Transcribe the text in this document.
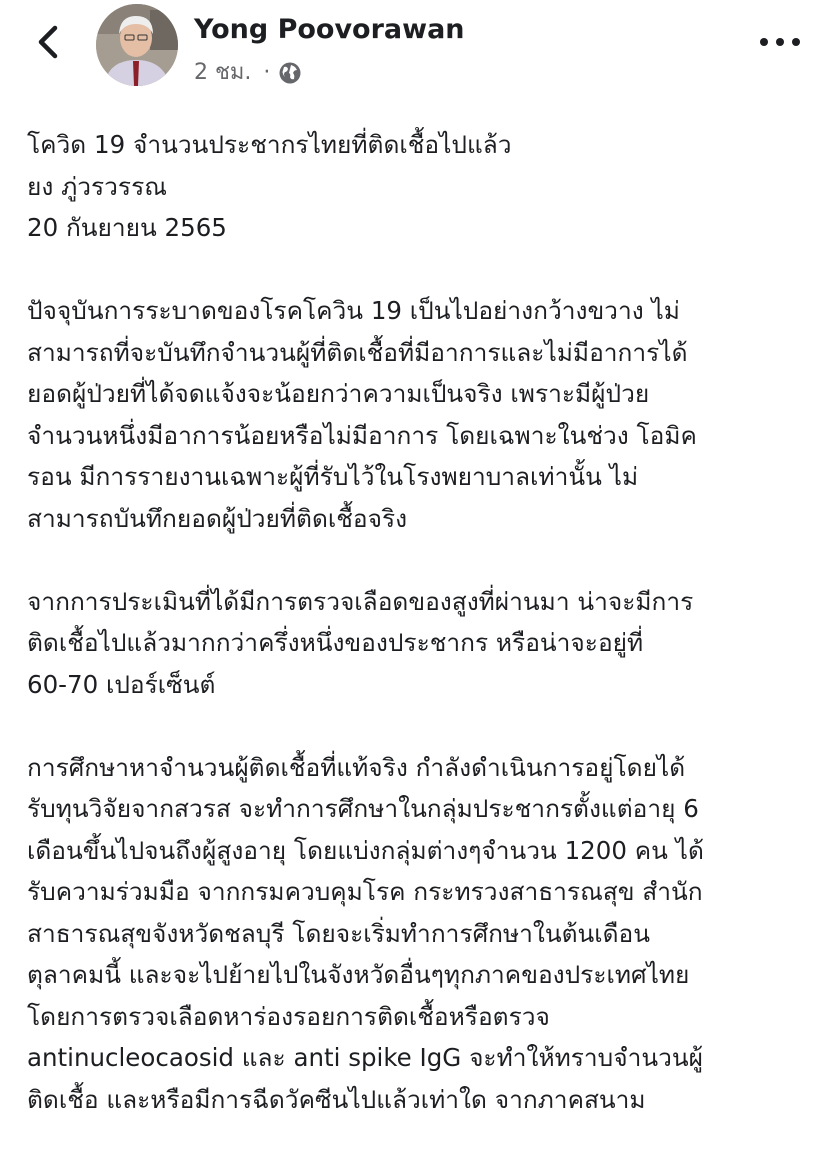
Yong Poovorawan
2 ชม. ·

โควิด 19 จำนวนประชากรไทยที่ติดเชื้อไปแล้ว
ยง ภู่วรวรรณ
20 กันยายน 2565

ปัจจุบันการระบาดของโรคโควิน 19 เป็นไปอย่างกว้างขวาง ไม่
สามารถที่จะบันทึกจำนวนผู้ที่ติดเชื้อที่มีอาการและไม่มีอาการได้
ยอดผู้ป่วยที่ได้จดแจ้งจะน้อยกว่าความเป็นจริง เพราะมีผู้ป่วย
จำนวนหนึ่งมีอาการน้อยหรือไม่มีอาการ โดยเฉพาะในช่วง โอมิค
รอน มีการรายงานเฉพาะผู้ที่รับไว้ในโรงพยาบาลเท่านั้น ไม่
สามารถบันทึกยอดผู้ป่วยที่ติดเชื้อจริง

จากการประเมินที่ได้มีการตรวจเลือดของสูงที่ผ่านมา น่าจะมีการ
ติดเชื้อไปแล้วมากกว่าครึ่งหนึ่งของประชากร หรือน่าจะอยู่ที่
60-70 เปอร์เซ็นต์

การศึกษาหาจำนวนผู้ติดเชื้อที่แท้จริง กำลังดำเนินการอยู่โดยได้
รับทุนวิจัยจากสวรส จะทำการศึกษาในกลุ่มประชากรตั้งแต่อายุ 6
เดือนขึ้นไปจนถึงผู้สูงอายุ โดยแบ่งกลุ่มต่างๆจำนวน 1200 คน ได้
รับความร่วมมือ จากกรมควบคุมโรค กระทรวงสาธารณสุข สำนัก
สาธารณสุขจังหวัดชลบุรี โดยจะเริ่มทำการศึกษาในต้นเดือน
ตุลาคมนี้ และจะไปย้ายไปในจังหวัดอื่นๆทุกภาคของประเทศไทย
โดยการตรวจเลือดหาร่องรอยการติดเชื้อหรือตรวจ
antinucleocaosid และ anti spike IgG จะทำให้ทราบจำนวนผู้
ติดเชื้อ และหรือมีการฉีดวัคซีนไปแล้วเท่าใด จากภาคสนาม
